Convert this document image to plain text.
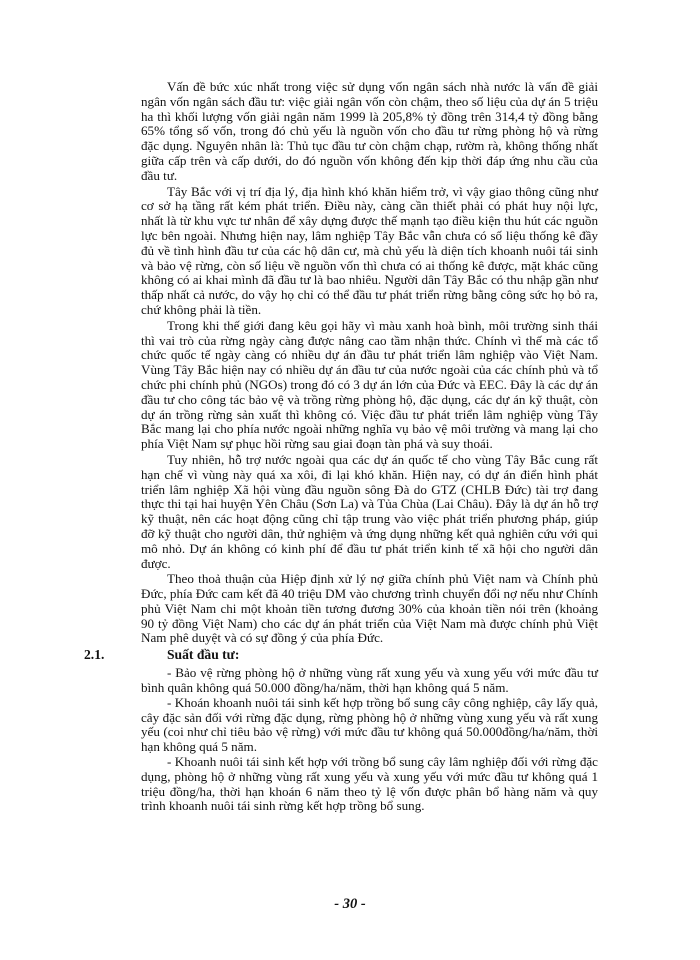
Vấn đề bức xúc nhất trong việc sử dụng vốn ngân sách nhà nước là vấn đề giải ngân vốn ngân sách đầu tư: việc giải ngân vốn còn chậm, theo số liệu của dự án 5 triệu ha thì khối lượng vốn giải ngân năm 1999 là 205,8% tỷ đồng trên 314,4 tỷ đồng bằng 65% tổng số vốn, trong đó chủ yếu là nguồn vốn cho đầu tư rừng phòng hộ và rừng đặc dụng. Nguyên nhân là: Thủ tục đầu tư còn chậm chạp, rườm rà, không thống nhất giữa cấp trên và cấp dưới, do đó nguồn vốn không đến kịp thời đáp ứng nhu cầu của đầu tư.

Tây Bắc với vị trí địa lý, địa hình khó khăn hiểm trở, vì vậy giao thông cũng như cơ sở hạ tầng rất kém phát triển. Điều này, càng cần thiết phải có phát huy nội lực, nhất là từ khu vực tư nhân để xây dựng được thế mạnh tạo điều kiện thu hút các nguồn lực bên ngoài. Nhưng hiện nay, lâm nghiệp Tây Bắc vẫn chưa có số liệu thống kê đầy đủ về tình hình đầu tư của các hộ dân cư, mà chủ yếu là diện tích khoanh nuôi tái sinh và bảo vệ rừng, còn số liệu về nguồn vốn thì chưa có ai thống kê được, mặt khác cũng không có ai khai mình đã đầu tư là bao nhiêu. Người dân Tây Bắc có thu nhập gần như thấp nhất cả nước, do vậy họ chỉ có thể đầu tư phát triển rừng bằng công sức họ bỏ ra, chứ không phải là tiền.

Trong khi thế giới đang kêu gọi hãy vì màu xanh hoà bình, môi trường sinh thái thì vai trò của rừng ngày càng được nâng cao tầm nhận thức. Chính vì thế mà các tổ chức quốc tế ngày càng có nhiều dự án đầu tư phát triển lâm nghiệp vào Việt Nam. Vùng Tây Bắc hiện nay có nhiều dự án đầu tư của nước ngoài của các chính phủ và tổ chức phi chính phủ (NGOs) trong đó có 3 dự án lớn của Đức và EEC. Đây là các dự án đầu tư cho công tác bảo vệ và trồng rừng phòng hộ, đặc dụng, các dự án kỹ thuật, còn dự án trồng rừng sản xuất thì không có. Việc đầu tư phát triển lâm nghiệp vùng Tây Bắc mang lại cho phía nước ngoài những nghĩa vụ bảo vệ môi trường và mang lại cho phía Việt Nam sự phục hồi rừng sau giai đoạn tàn phá và suy thoái.

Tuy nhiên, hỗ trợ nước ngoài qua các dự án quốc tế cho vùng Tây Bắc cung rất hạn chế vì vùng này quá xa xôi, đi lại khó khăn. Hiện nay, có dự án điển hình phát triển lâm nghiệp Xã hội vùng đầu nguồn sông Đà do GTZ (CHLB Đức) tài trợ đang thực thi tại hai huyện Yên Châu (Sơn La) và Tủa Chùa (Lai Châu). Đây là dự án hỗ trợ kỹ thuật, nên các hoạt động cũng chỉ tập trung vào việc phát triển phương pháp, giúp đỡ kỹ thuật cho người dân, thử nghiệm và ứng dụng những kết quả nghiên cứu với qui mô nhỏ. Dự án không có kinh phí để đầu tư phát triển kinh tế xã hội cho người dân được.

Theo thoả thuận của Hiệp định xử lý nợ giữa chính phủ Việt nam và Chính phủ Đức, phía Đức cam kết đã 40 triệu DM vào chương trình chuyển đổi nợ nếu như Chính phủ Việt Nam chi một khoản tiền tương đương 30% của khoản tiền nói trên (khoảng 90 tỷ đồng Việt Nam) cho các dự án phát triển của Việt Nam mà được chính phủ Việt Nam phê duyệt và có sự đồng ý của phía Đức.

2.1.	Suất đầu tư:

- Bảo vệ rừng phòng hộ ở những vùng rất xung yếu và xung yếu với mức đầu tư bình quân không quá 50.000 đồng/ha/năm, thời hạn không quá 5 năm.

- Khoán khoanh nuôi tái sinh kết hợp trồng bổ sung cây công nghiệp, cây lấy quả, cây đặc sản đối với rừng đặc dụng, rừng phòng hộ ở những vùng xung yếu và rất xung yếu (coi như chỉ tiêu bảo vệ rừng) với mức đầu tư không quá 50.000đồng/ha/năm, thời hạn không quá 5 năm.

- Khoanh nuôi tái sinh kết hợp với trồng bổ sung cây lâm nghiệp đối với rừng đặc dụng, phòng hộ ở những vùng rất xung yếu và xung yếu với mức đầu tư không quá 1 triệu đồng/ha, thời hạn khoán 6 năm theo tỷ lệ vốn được phân bổ hàng năm và quy trình khoanh nuôi tái sinh rừng kết hợp trồng bổ sung.

- 30 -
